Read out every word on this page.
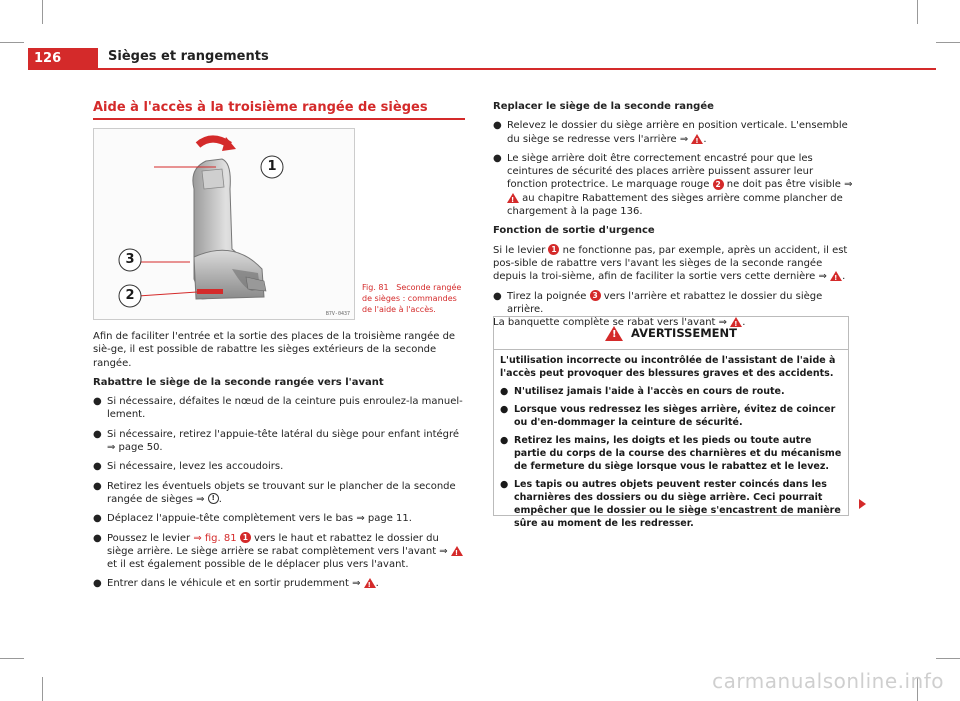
126	Sièges et rangements
Aide à l'accès à la troisième rangée de sièges
1
3
2
B7V-0437
Fig. 81 Seconde rangée de sièges : commandes de l'aide à l'accès.

Afin de faciliter l'entrée et la sortie des places de la troisième rangée de siè-ge, il est possible de rabattre les sièges extérieurs de la seconde rangée.

Rabattre le siège de la seconde rangée vers l'avant

● Si nécessaire, défaites le nœud de la ceinture puis enroulez-la manuel-lement.
● Si nécessaire, retirez l'appuie-tête latéral du siège pour enfant intégré ⇒ page 50.
● Si nécessaire, levez les accoudoirs.
● Retirez les éventuels objets se trouvant sur le plancher de la seconde rangée de sièges ⇒ ! .
● Déplacez l'appuie-tête complètement vers le bas ⇒ page 11.
● Poussez le levier ⇒ fig. 81 1 vers le haut et rabattez le dossier du siège arrière. Le siège arrière se rabat complètement vers l'avant ⇒ ! et il est également possible de le déplacer plus vers l'avant.
● Entrer dans le véhicule et en sortir prudemment ⇒ ! .

Replacer le siège de la seconde rangée

● Relevez le dossier du siège arrière en position verticale. L'ensemble du siège se redresse vers l'arrière ⇒ ! .
● Le siège arrière doit être correctement encastré pour que les ceintures de sécurité des places arrière puissent assurer leur fonction protectrice. Le marquage rouge 2 ne doit pas être visible ⇒ ! au chapitre Rabattement des sièges arrière comme plancher de chargement à la page 136.

Fonction de sortie d'urgence

Si le levier 1 ne fonctionne pas, par exemple, après un accident, il est pos-sible de rabattre vers l'avant les sièges de la seconde rangée depuis la troi-sième, afin de faciliter la sortie vers cette dernière ⇒ ! .

● Tirez la poignée 3 vers l'arrière et rabattez le dossier du siège arrière.

La banquette complète se rabat vers l'avant ⇒ ! .

!
AVERTISSEMENT

L'utilisation incorrecte ou incontrôlée de l'assistant de l'aide à l'accès peut provoquer des blessures graves et des accidents.

● N'utilisez jamais l'aide à l'accès en cours de route.
● Lorsque vous redressez les sièges arrière, évitez de coincer ou d'en-dommager la ceinture de sécurité.
● Retirez les mains, les doigts et les pieds ou toute autre partie du corps de la course des charnières et du mécanisme de fermeture du siège lorsque vous le rabattez et le levez.
● Les tapis ou autres objets peuvent rester coincés dans les charnières des dossiers ou du siège arrière. Ceci pourrait empêcher que le dossier ou le siège s'encastrent de manière sûre au moment de les redresser.
carmanualsonline.info
